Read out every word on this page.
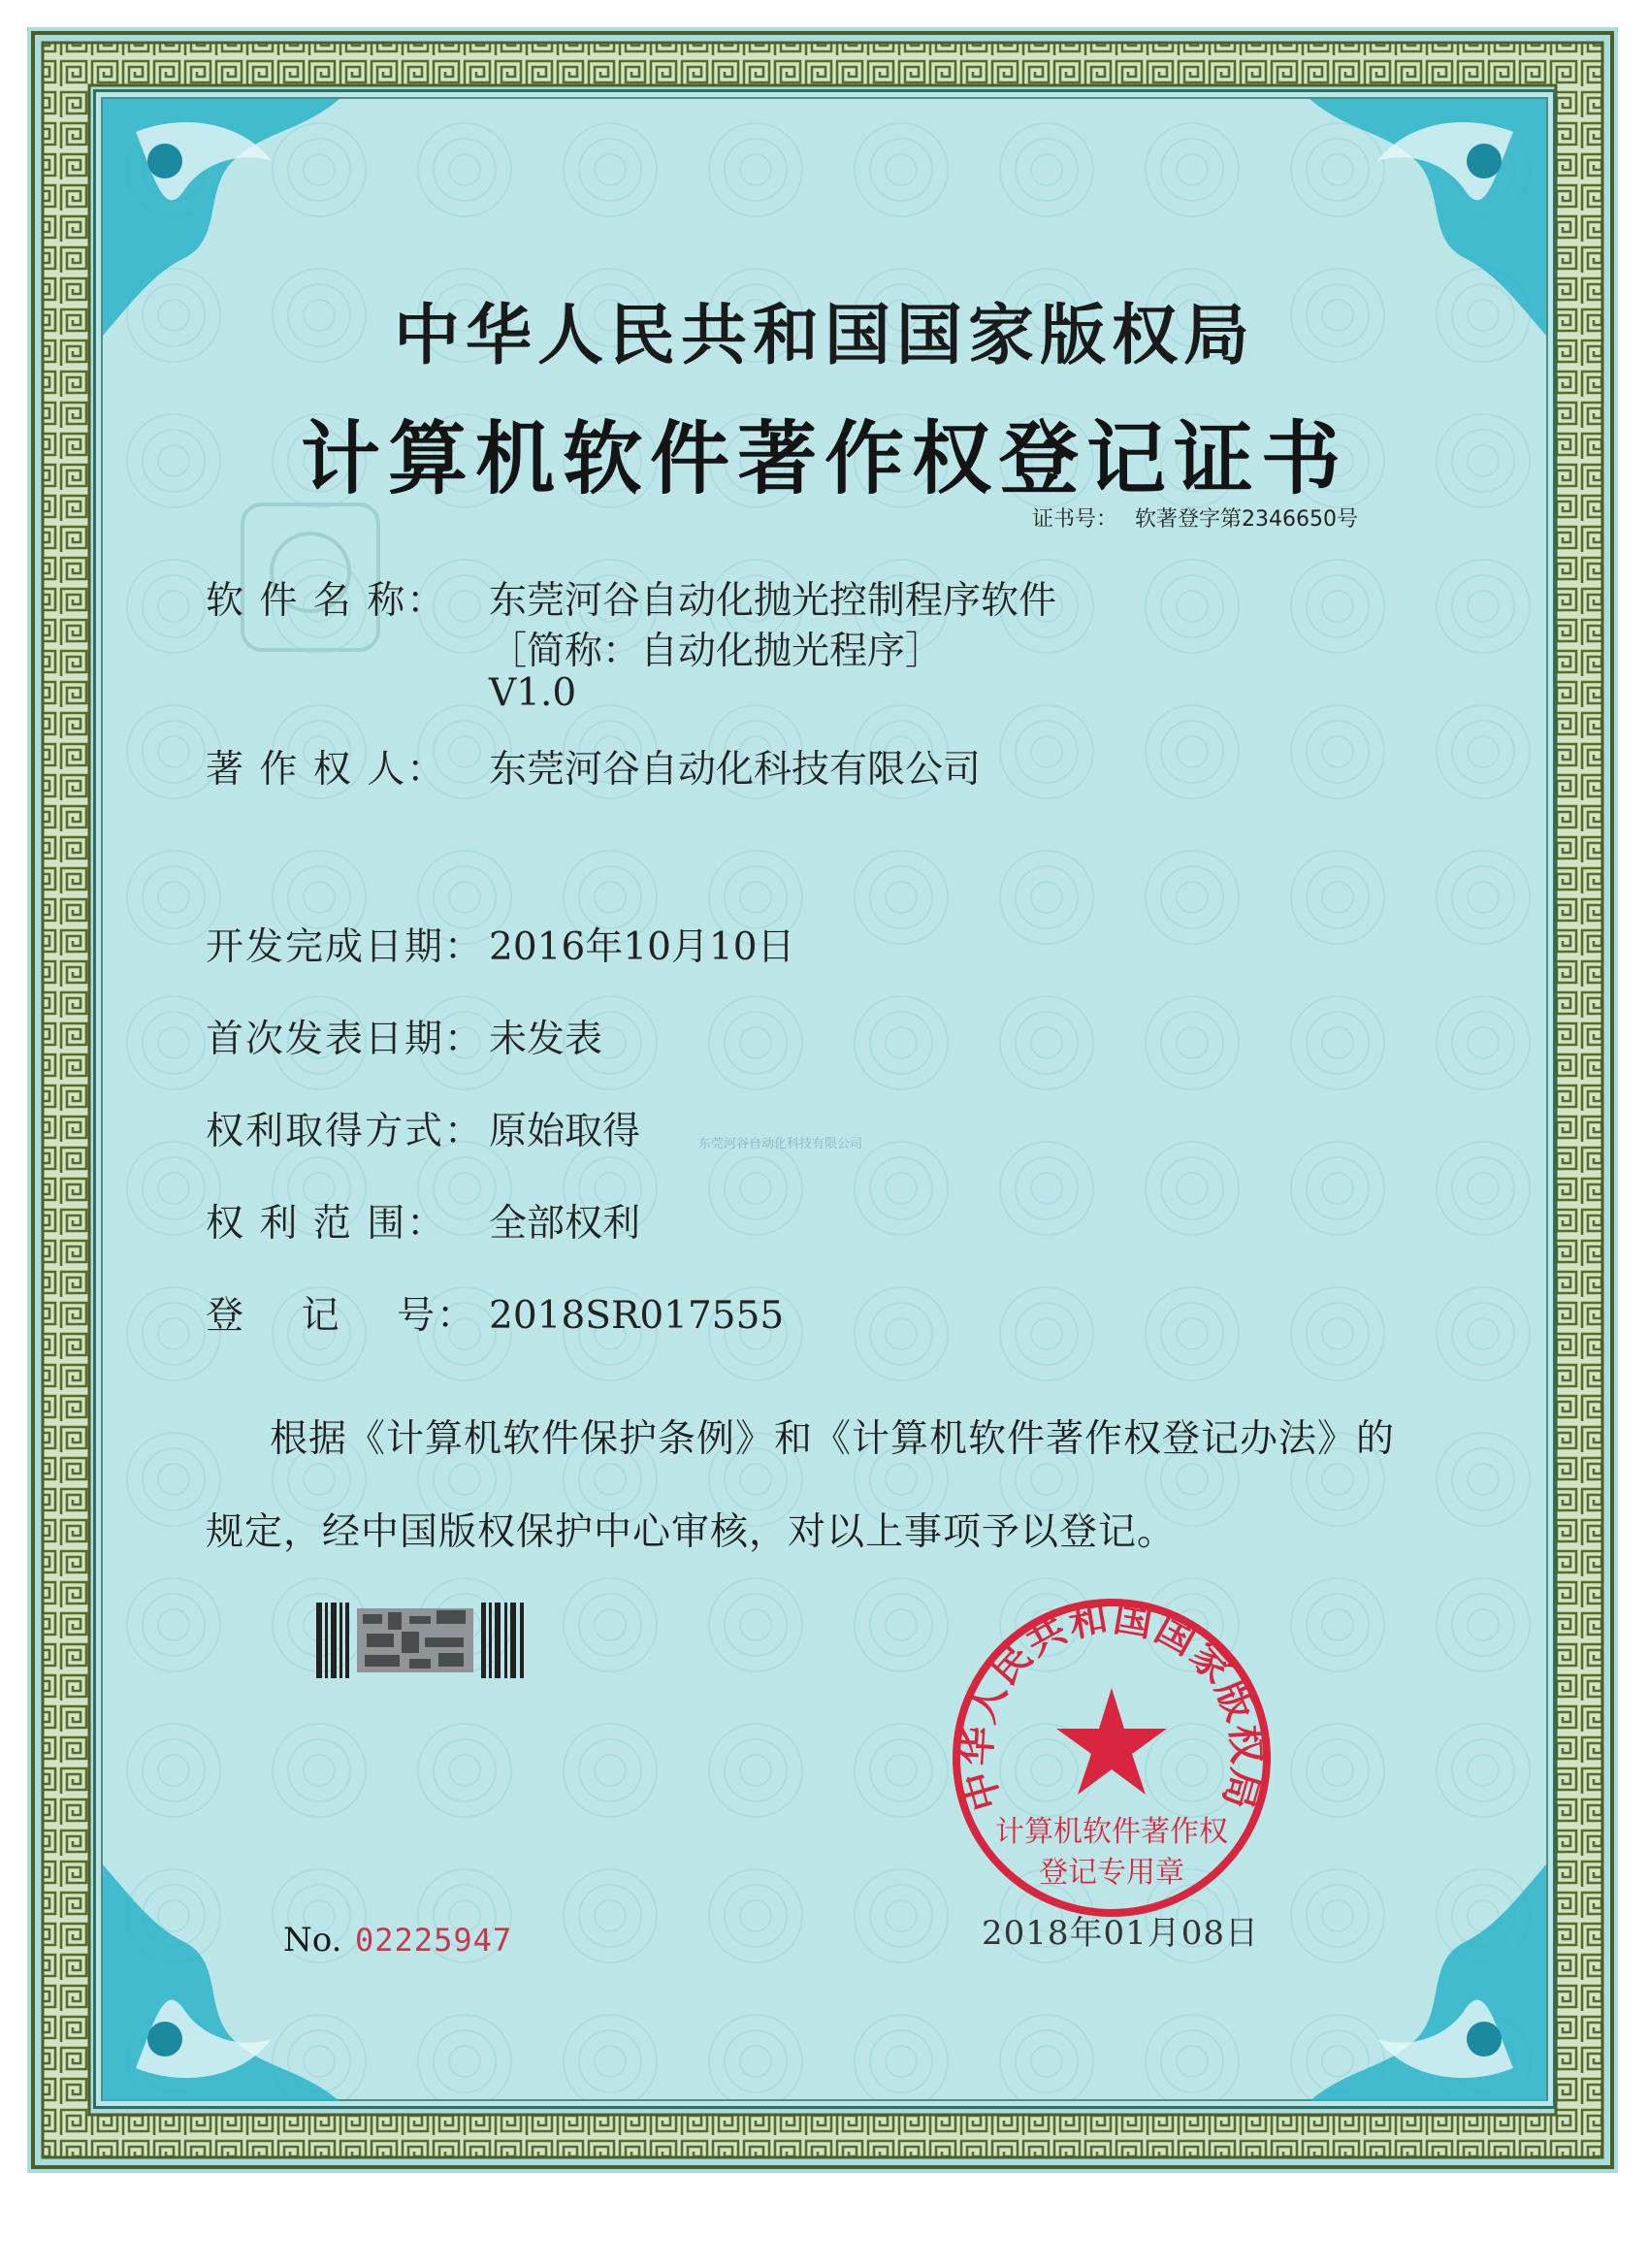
中华人民共和国国家版权局
计算机软件著作权登记证书
证书号： 软著登字第2346650号
软 件 名 称： 东莞河谷自动化抛光控制程序软件
［简称：自动化抛光程序］
V1.0
著 作 权 人： 东莞河谷自动化科技有限公司
开发完成日期： 2016年10月10日
首次发表日期： 未发表
权利取得方式： 原始取得
权 利 范 围： 全部权利
登    记    号： 2018SR017555
东莞河谷自动化科技有限公司
根据《计算机软件保护条例》和《计算机软件著作权登记办法》的
规定，经中国版权保护中心审核，对以上事项予以登记。
中华人民共和国国家版权局
计算机软件著作权
登记专用章
No. 02225947	2018年01月08日
